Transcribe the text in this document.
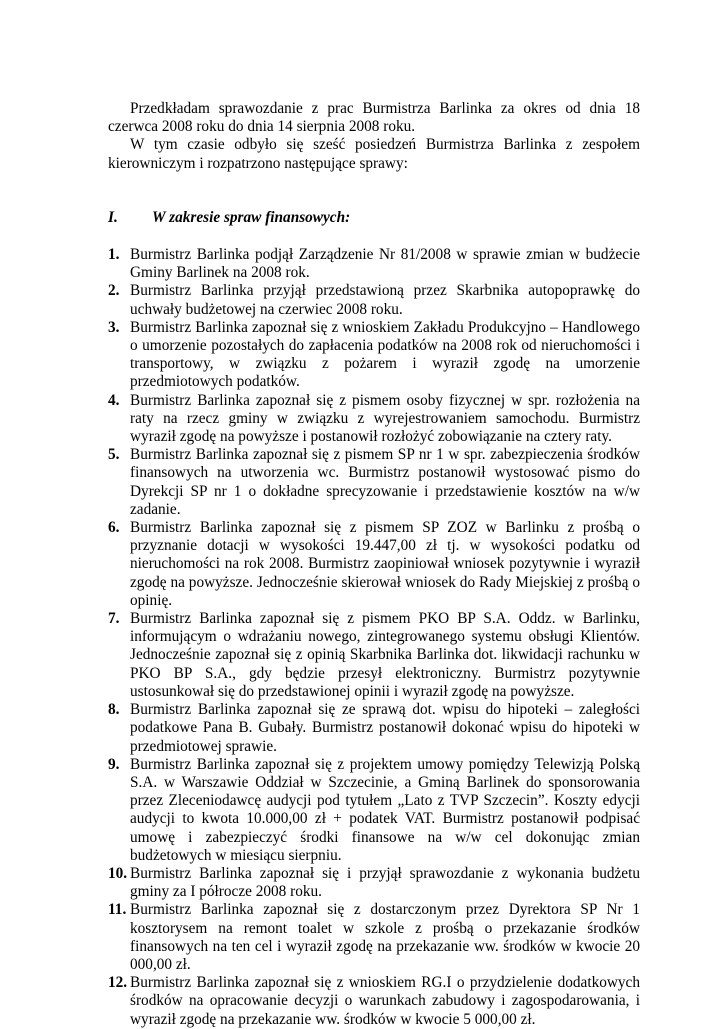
Przedkładam sprawozdanie z prac Burmistrza Barlinka za okres od dnia 18 czerwca 2008 roku do dnia 14 sierpnia 2008 roku.

W tym czasie odbyło się sześć posiedzeń Burmistrza Barlinka z zespołem kierowniczym i rozpatrzono następujące sprawy:

I.	W zakresie spraw finansowych:
1. Burmistrz Barlinka podjął Zarządzenie Nr 81/2008 w sprawie zmian w budżecie Gminy Barlinek na 2008 rok.
2. Burmistrz Barlinka przyjął przedstawioną przez Skarbnika autopoprawkę do uchwały budżetowej na czerwiec 2008 roku.
3. Burmistrz Barlinka zapoznał się z wnioskiem Zakładu Produkcyjno – Handlowego o umorzenie pozostałych do zapłacenia podatków na 2008 rok od nieruchomości i transportowy, w związku z pożarem i wyraził zgodę na umorzenie przedmiotowych podatków.
4. Burmistrz Barlinka zapoznał się z pismem osoby fizycznej w spr. rozłożenia na raty na rzecz gminy w związku z wyrejestrowaniem samochodu. Burmistrz wyraził zgodę na powyższe i postanowił rozłożyć zobowiązanie na cztery raty.
5. Burmistrz Barlinka zapoznał się z pismem SP nr 1 w spr. zabezpieczenia środków finansowych na utworzenia wc. Burmistrz postanowił wystosować pismo do Dyrekcji SP nr 1 o dokładne sprecyzowanie i przedstawienie kosztów na w/w zadanie.
6. Burmistrz Barlinka zapoznał się z pismem SP ZOZ w Barlinku z prośbą o przyznanie dotacji w wysokości 19.447,00 zł tj. w wysokości podatku od nieruchomości na rok 2008. Burmistrz zaopiniował wniosek pozytywnie i wyraził zgodę na powyższe. Jednocześnie skierował wniosek do Rady Miejskiej z prośbą o opinię.
7. Burmistrz Barlinka zapoznał się z pismem PKO BP S.A. Oddz. w Barlinku, informującym o wdrażaniu nowego, zintegrowanego systemu obsługi Klientów. Jednocześnie zapoznał się z opinią Skarbnika Barlinka dot. likwidacji rachunku w PKO BP S.A., gdy będzie przesył elektroniczny. Burmistrz pozytywnie ustosunkował się do przedstawionej opinii i wyraził zgodę na powyższe.
8. Burmistrz Barlinka zapoznał się ze sprawą dot. wpisu do hipoteki – zaległości podatkowe Pana B. Gubały. Burmistrz postanowił dokonać wpisu do hipoteki w przedmiotowej sprawie.
9. Burmistrz Barlinka zapoznał się z projektem umowy pomiędzy Telewizją Polską S.A. w Warszawie Oddział w Szczecinie, a Gminą Barlinek do sponsorowania przez Zleceniodawcę audycji pod tytułem „Lato z TVP Szczecin”. Koszty edycji audycji to kwota 10.000,00 zł + podatek VAT. Burmistrz postanowił podpisać umowę i zabezpieczyć środki finansowe na w/w cel dokonując zmian budżetowych w miesiącu sierpniu.
10. Burmistrz Barlinka zapoznał się i przyjął sprawozdanie z wykonania budżetu gminy za I półrocze 2008 roku.
11. Burmistrz Barlinka zapoznał się z dostarczonym przez Dyrektora SP Nr 1 kosztorysem na remont toalet w szkole z prośbą o przekazanie środków finansowych na ten cel i wyraził zgodę na przekazanie ww. środków w kwocie 20 000,00 zł.
12. Burmistrz Barlinka zapoznał się z wnioskiem RG.I o przydzielenie dodatkowych środków na opracowanie decyzji o warunkach zabudowy i zagospodarowania, i wyraził zgodę na przekazanie ww. środków w kwocie 5 000,00 zł.
